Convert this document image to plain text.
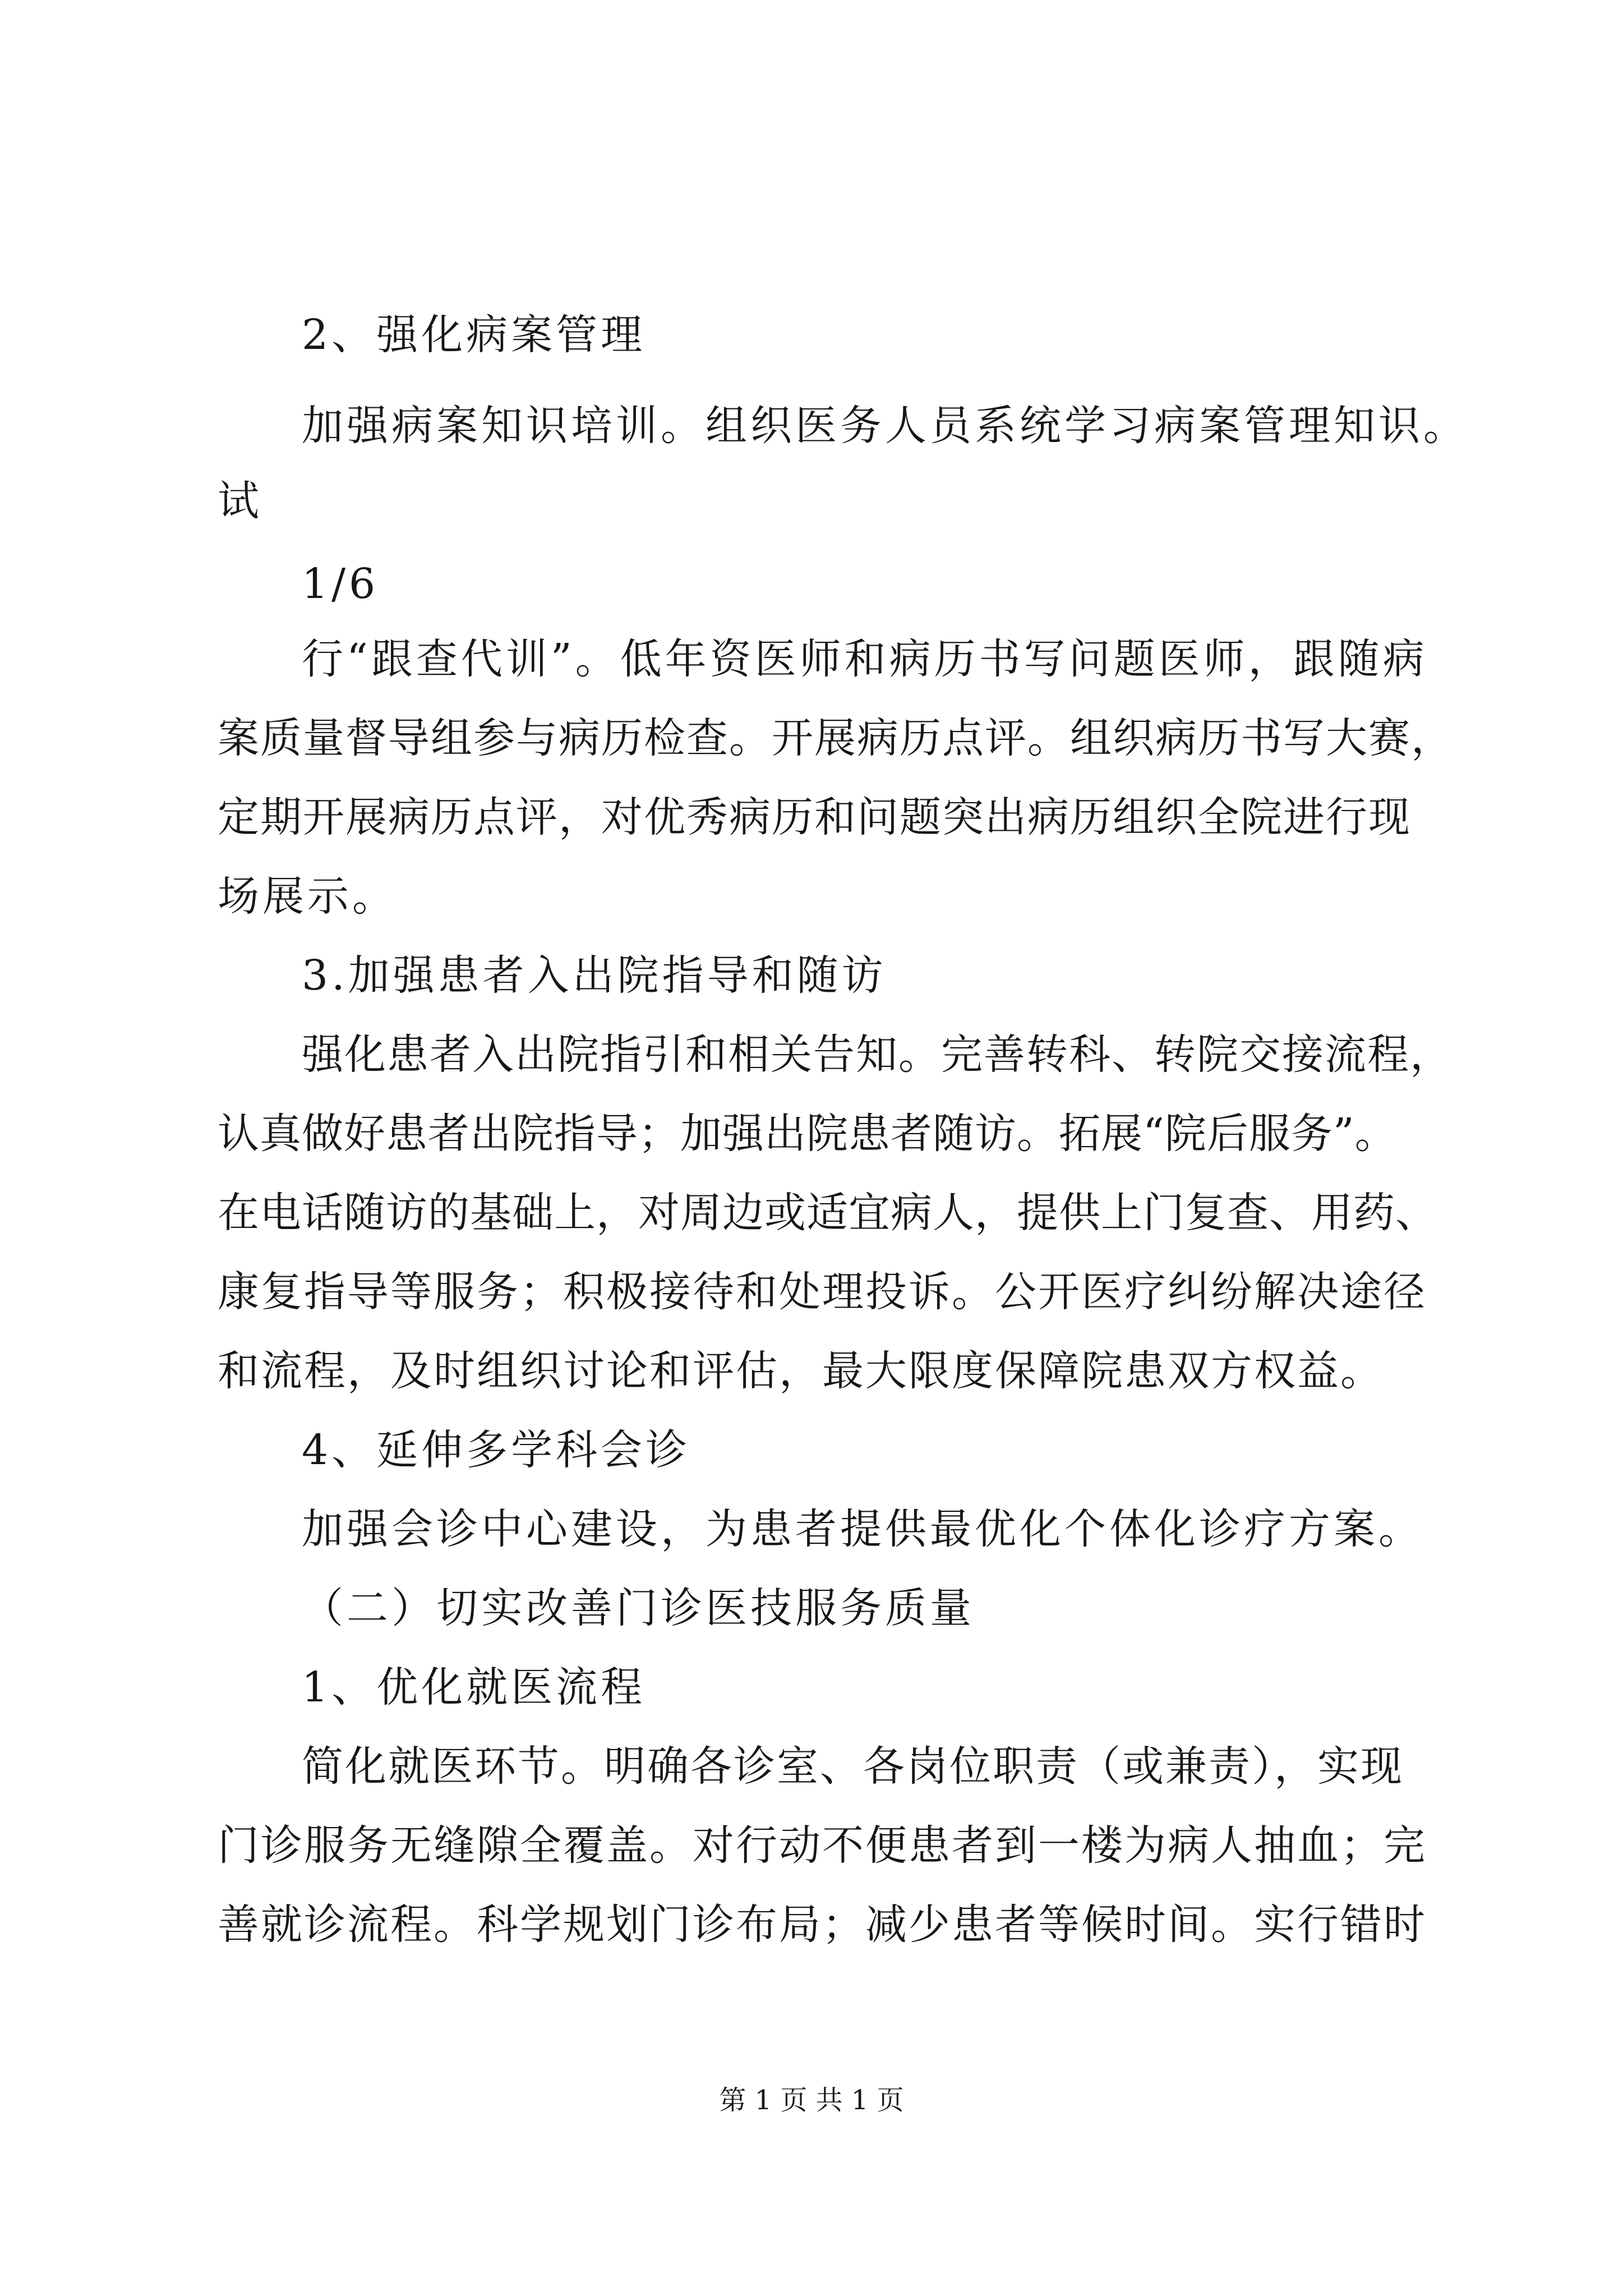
2、强化病案管理

加强病案知识培训。组织医务人员系统学习病案管理知识。

试

1/6

行“跟查代训”。低年资医师和病历书写问题医师，跟随病

案质量督导组参与病历检查。开展病历点评。组织病历书写大赛，

定期开展病历点评，对优秀病历和问题突出病历组织全院进行现

场展示。

3.加强患者入出院指导和随访

强化患者入出院指引和相关告知。完善转科、转院交接流程，

认真做好患者出院指导；加强出院患者随访。拓展“院后服务”。

在电话随访的基础上，对周边或适宜病人，提供上门复查、用药、

康复指导等服务；积极接待和处理投诉。公开医疗纠纷解决途径

和流程，及时组织讨论和评估，最大限度保障院患双方权益。

4、延伸多学科会诊

加强会诊中心建设，为患者提供最优化个体化诊疗方案。

（二）切实改善门诊医技服务质量

1、优化就医流程

简化就医环节。明确各诊室、各岗位职责（或兼责），实现

门诊服务无缝隙全覆盖。对行动不便患者到一楼为病人抽血；完

善就诊流程。科学规划门诊布局；减少患者等候时间。实行错时

第 1 页 共 1 页
